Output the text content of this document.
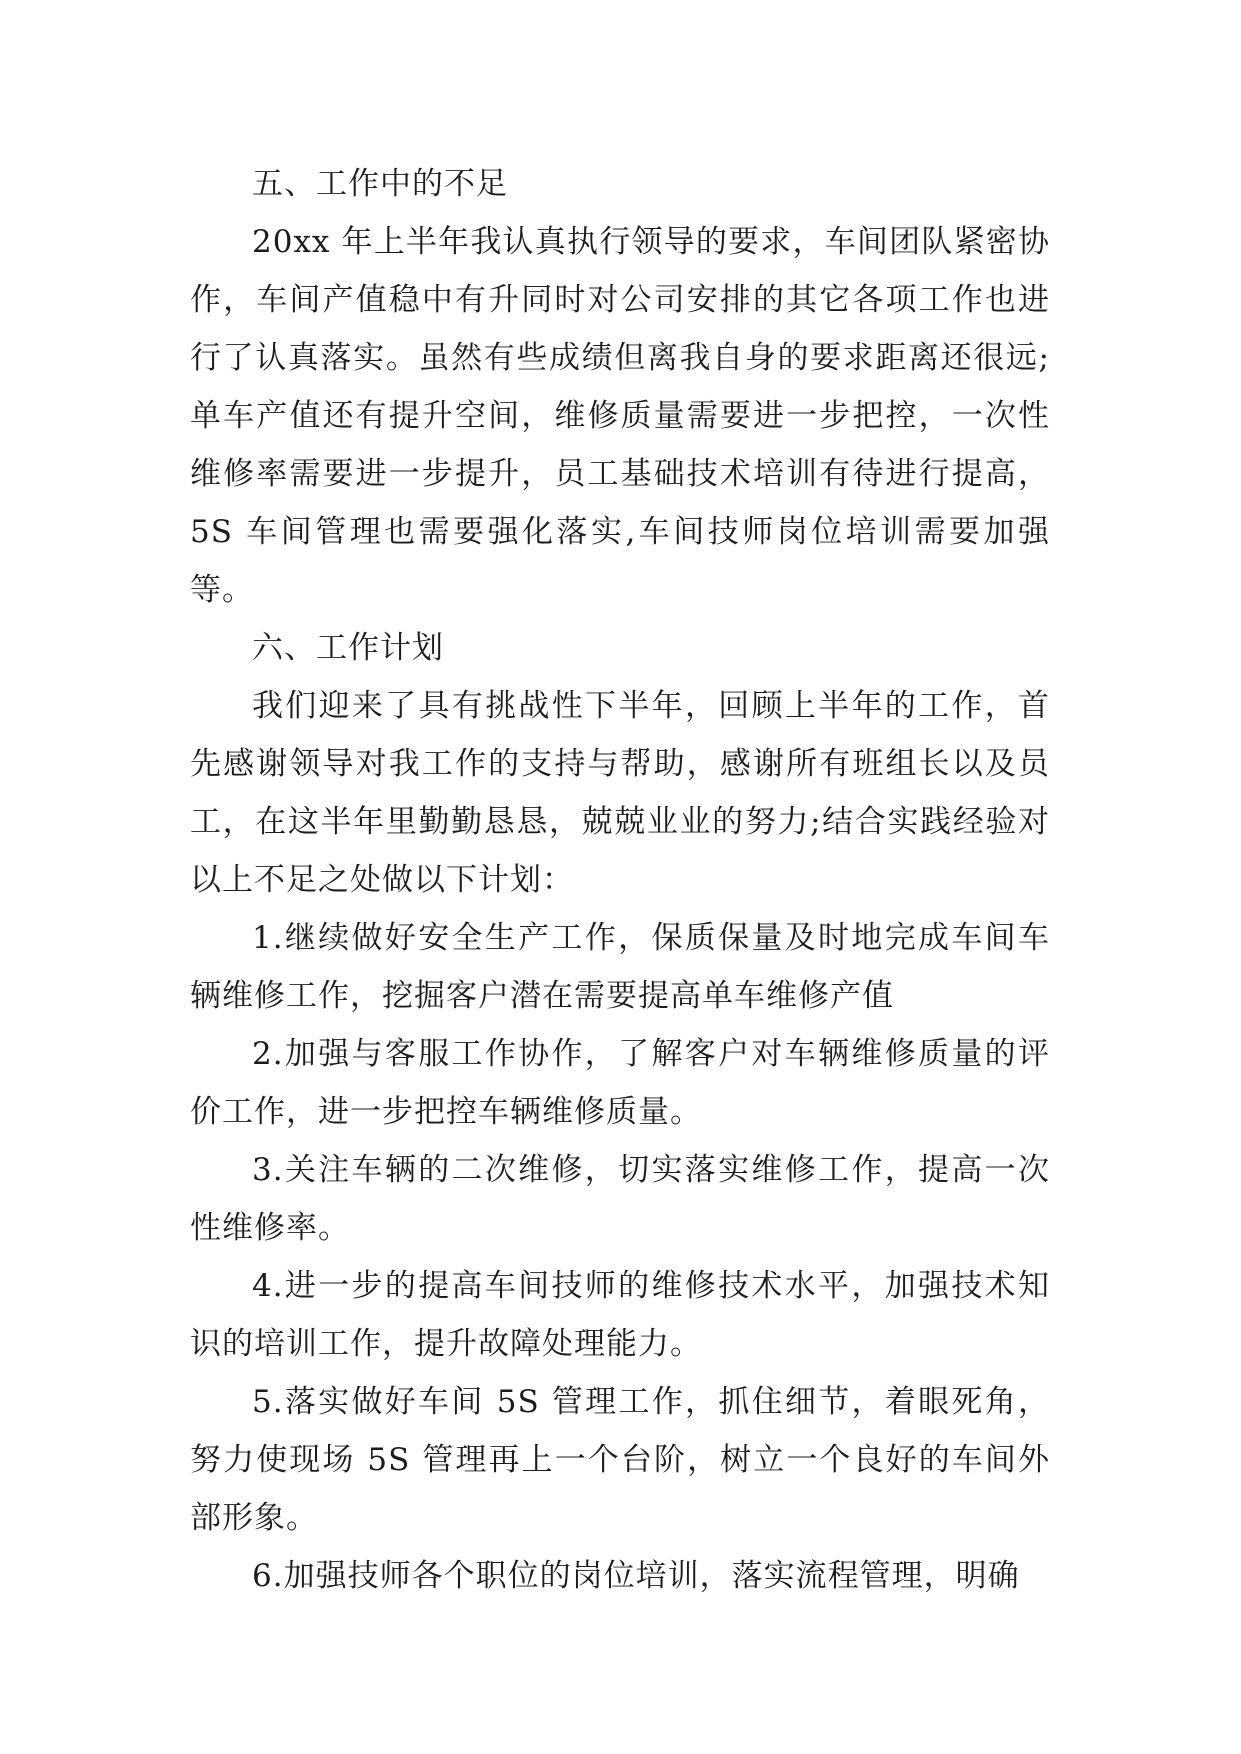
五、工作中的不足

20xx 年上半年我认真执行领导的要求，车间团队紧密协作，车间产值稳中有升同时对公司安排的其它各项工作也进行了认真落实。虽然有些成绩但离我自身的要求距离还很远;单车产值还有提升空间，维修质量需要进一步把控，一次性维修率需要进一步提升，员工基础技术培训有待进行提高，5S 车间管理也需要强化落实,车间技师岗位培训需要加强等。

六、工作计划

我们迎来了具有挑战性下半年，回顾上半年的工作，首先感谢领导对我工作的支持与帮助，感谢所有班组长以及员工，在这半年里勤勤恳恳，兢兢业业的努力;结合实践经验对以上不足之处做以下计划：

1.继续做好安全生产工作，保质保量及时地完成车间车辆维修工作，挖掘客户潜在需要提高单车维修产值

2.加强与客服工作协作，了解客户对车辆维修质量的评价工作，进一步把控车辆维修质量。

3.关注车辆的二次维修，切实落实维修工作，提高一次性维修率。

4.进一步的提高车间技师的维修技术水平，加强技术知识的培训工作，提升故障处理能力。

5.落实做好车间 5S 管理工作，抓住细节，着眼死角，努力使现场 5S 管理再上一个台阶，树立一个良好的车间外部形象。

6.加强技师各个职位的岗位培训，落实流程管理，明确
